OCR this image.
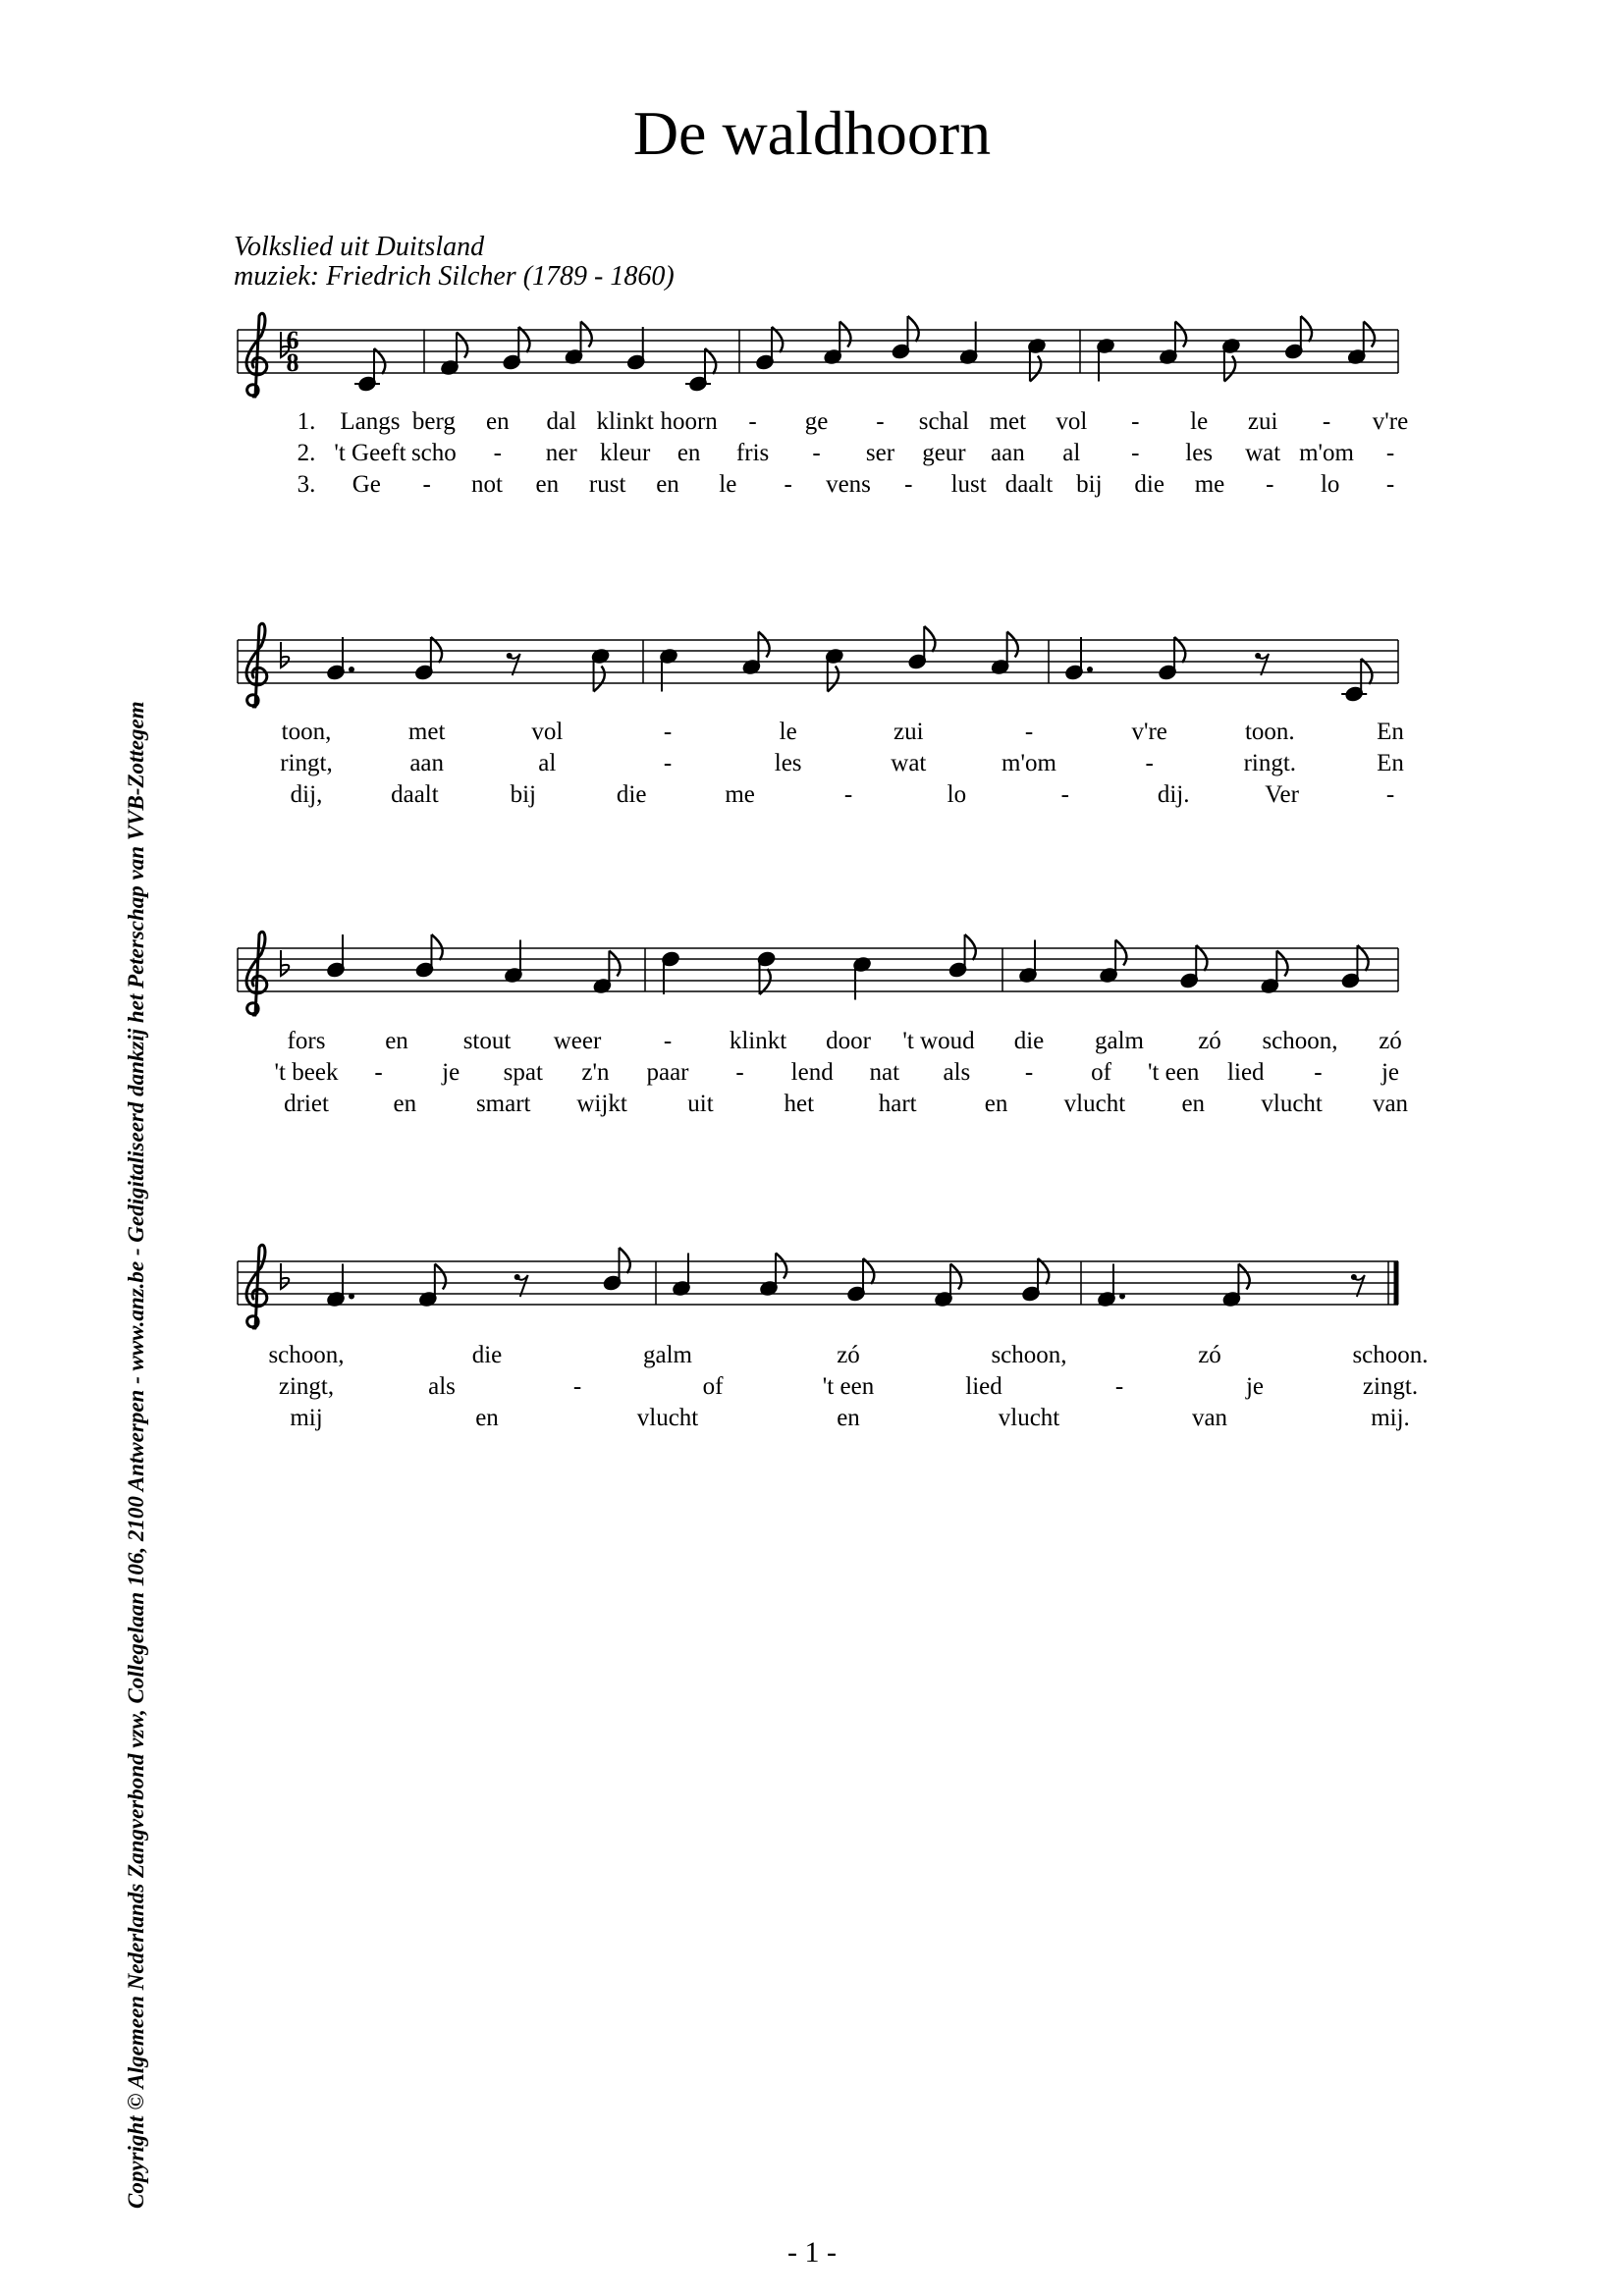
De waldhoorn
Volkslied uit Duitsland
muziek: Friedrich Silcher (1789 - 1860)
6
8
1. Langs berg en dal klinkt hoorn - ge - schal met vol - le zui - v're
2. 't Geeft scho - ner kleur en fris - ser geur aan al - les wat m'om -
3. Ge - not en rust en le - vens - lust daalt bij die me - lo -
toon,	met	vol	-	le	zui	-	v're	toon.	En
ringt,	aan	al	-	les	wat	m'om	-	ringt.	En
dij,	daalt	bij	die	me	-	lo	-	dij.	Ver	-
fors en stout weer	- klinkt door 't woud die galm zó schoon, zó
't beek - je spat z'n paar - lend nat als - of 't een lied - je
driet	en smart wijkt uit	het	hart	en vlucht en vlucht van
schoon,	die	galm	zó	schoon,	zó	schoon.
zingt,	als	-	of	't een	lied	-	je	zingt.
mij	en	vlucht	en	vlucht	van	mij.
Copyright © Algemeen Nederlands Zangverbond vzw, Collegelaan 106, 2100 Antwerpen - www.anz.be - Gedigitaliseerd dankzij het Peterschap van VVB-Zottegem
- 1 -
